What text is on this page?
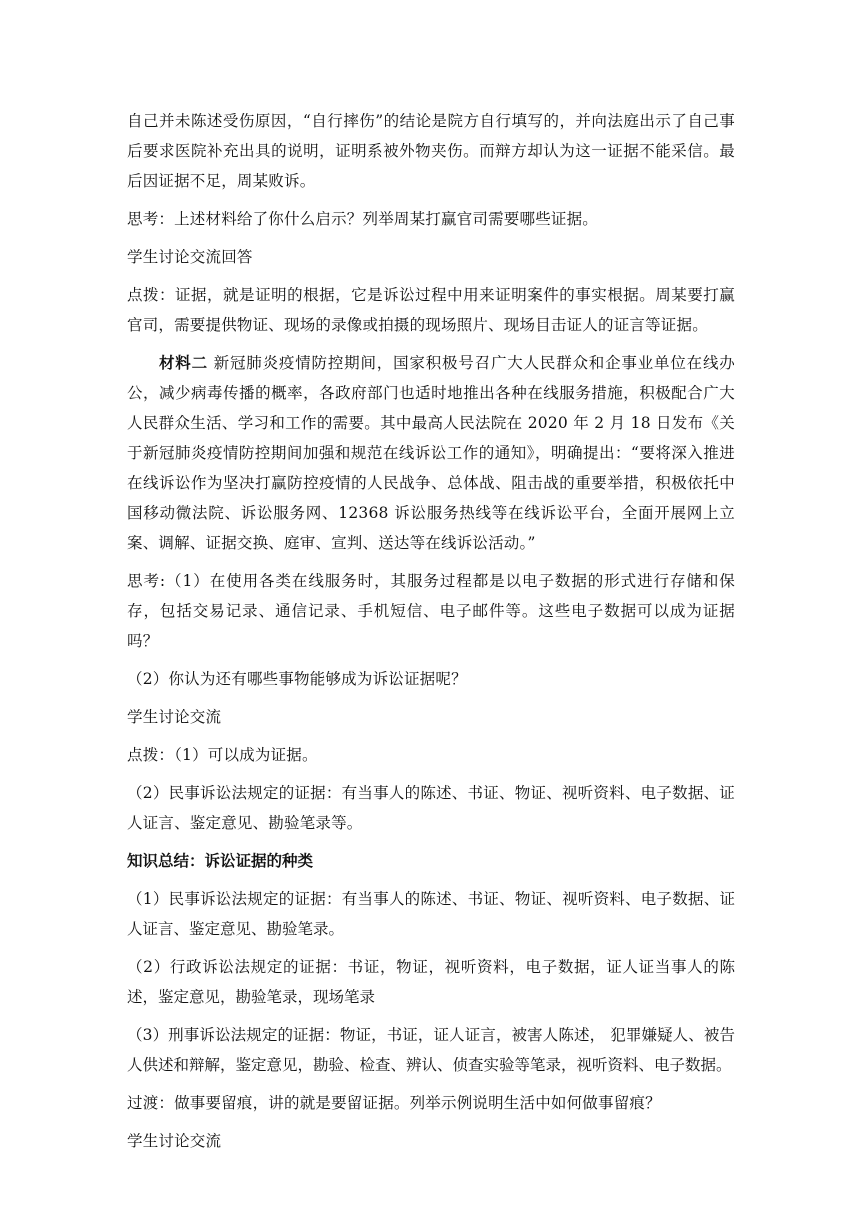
自己并未陈述受伤原因，“自行摔伤”的结论是院方自行填写的，并向法庭出示了自己事后要求医院补充出具的说明，证明系被外物夹伤。而辩方却认为这一证据不能采信。最后因证据不足，周某败诉。

思考：上述材料给了你什么启示？列举周某打赢官司需要哪些证据。

学生讨论交流回答

点拨：证据，就是证明的根据，它是诉讼过程中用来证明案件的事实根据。周某要打赢官司，需要提供物证、现场的录像或拍摄的现场照片、现场目击证人的证言等证据。

材料二 新冠肺炎疫情防控期间，国家积极号召广大人民群众和企事业单位在线办公，减少病毒传播的概率，各政府部门也适时地推出各种在线服务措施，积极配合广大人民群众生活、学习和工作的需要。其中最高人民法院在 2020 年 2 月 18 日发布《关于新冠肺炎疫情防控期间加强和规范在线诉讼工作的通知》，明确提出：“要将深入推进在线诉讼作为坚决打赢防控疫情的人民战争、总体战、阻击战的重要举措，积极依托中国移动微法院、诉讼服务网、12368 诉讼服务热线等在线诉讼平台，全面开展网上立案、调解、证据交换、庭审、宣判、送达等在线诉讼活动。”

思考:（1）在使用各类在线服务时，其服务过程都是以电子数据的形式进行存储和保存，包括交易记录、通信记录、手机短信、电子邮件等。这些电子数据可以成为证据吗？

（2）你认为还有哪些事物能够成为诉讼证据呢？

学生讨论交流

点拨：（1）可以成为证据。

（2）民事诉讼法规定的证据：有当事人的陈述、书证、物证、视听资料、电子数据、证人证言、鉴定意见、勘验笔录等。

知识总结：诉讼证据的种类

（1）民事诉讼法规定的证据：有当事人的陈述、书证、物证、视听资料、电子数据、证人证言、鉴定意见、勘验笔录。

（2）行政诉讼法规定的证据：书证，物证，视听资料，电子数据，证人证当事人的陈述，鉴定意见，勘验笔录，现场笔录

（3）刑事诉讼法规定的证据：物证，书证，证人证言，被害人陈述， 犯罪嫌疑人、被告人供述和辩解，鉴定意见，勘验、检查、辨认、侦查实验等笔录，视听资料、电子数据。

过渡：做事要留痕，讲的就是要留证据。列举示例说明生活中如何做事留痕？

学生讨论交流
